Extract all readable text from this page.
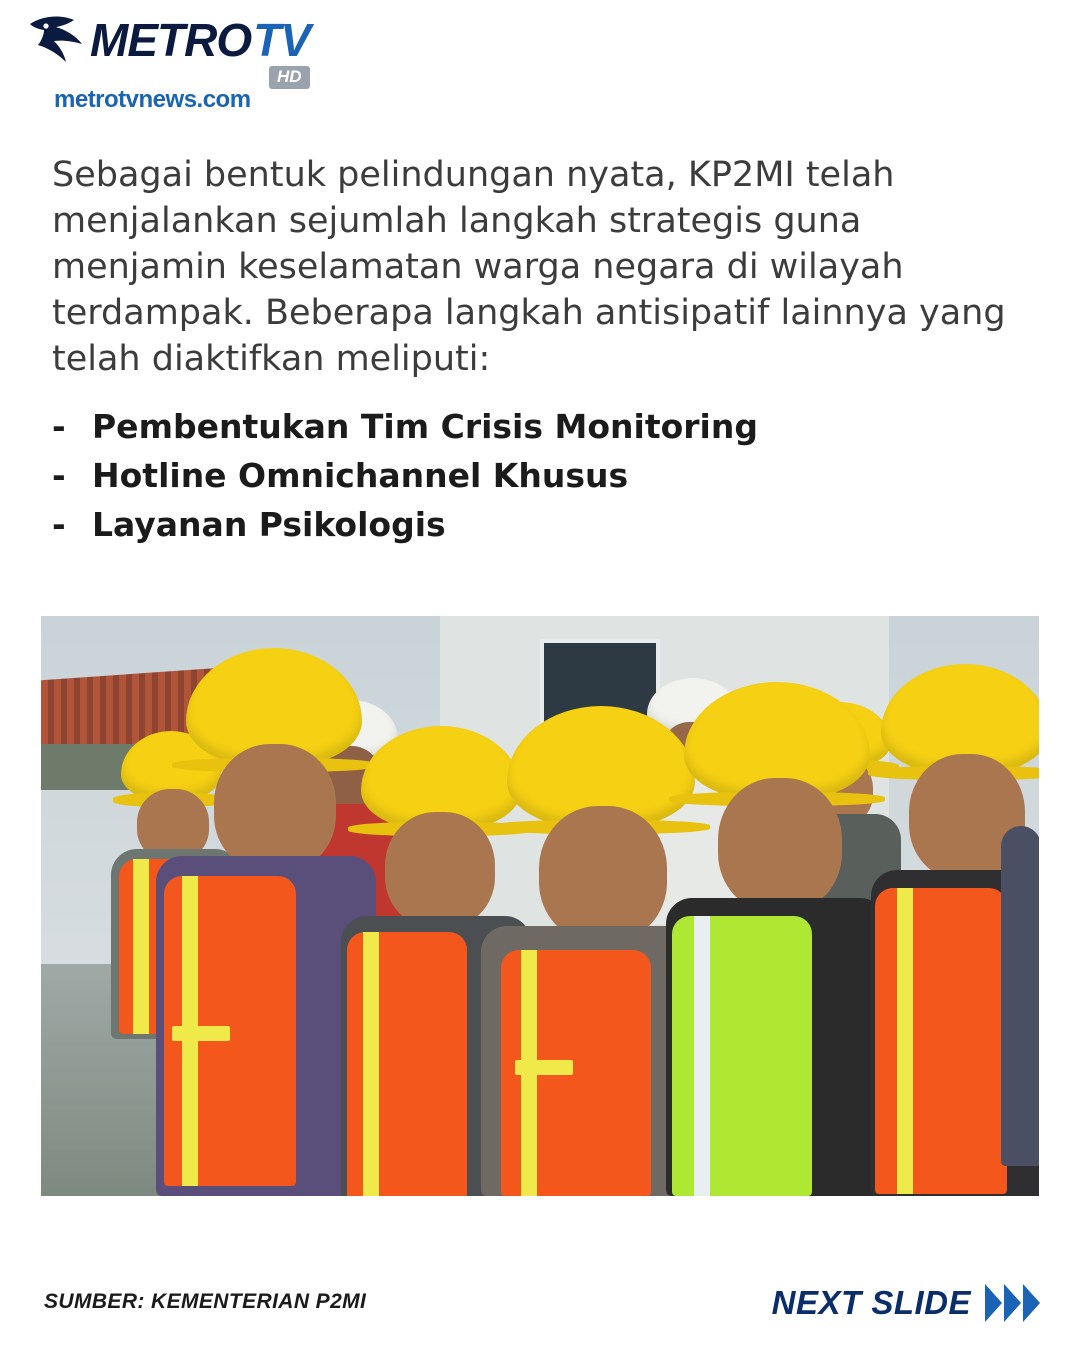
METRO TV
HD
metrotvnews.com
Sebagai bentuk pelindungan nyata, KP2MI telah menjalankan sejumlah langkah strategis guna menjamin keselamatan warga negara di wilayah terdampak. Beberapa langkah antisipatif lainnya yang telah diaktifkan meliputi:
- Pembentukan Tim Crisis Monitoring
- Hotline Omnichannel Khusus
- Layanan Psikologis
SUMBER: KEMENTERIAN P2MI	NEXT SLIDE
